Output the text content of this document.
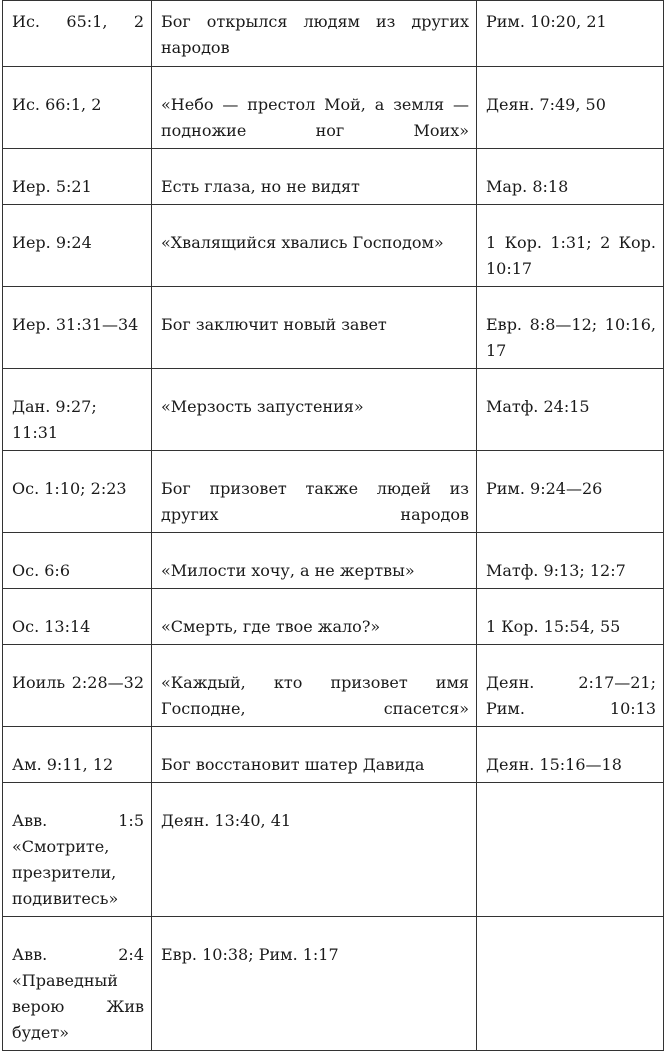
Ис. 65:1, 2	Бог открылся людям из других народов	Рим. 10:20, 21
Ис. 66:1, 2	«Небо — престол Мой, а земля — подножие ног Моих»	Деян. 7:49, 50
Иер. 5:21	Есть глаза, но не видят	Мар. 8:18
Иер. 9:24	«Хвалящийся хвались Господом»	1 Кор. 1:31; 2 Кор. 10:17
Иер. 31:31—34	Бог заключит новый завет	Евр. 8:8—12; 10:16, 17
Дан. 9:27; 11:31	«Мерзость запустения»	Матф. 24:15
Ос. 1:10; 2:23	Бог призовет также людей из других народов	Рим. 9:24—26
Ос. 6:6	«Милости хочу, а не жертвы»	Матф. 9:13; 12:7
Ос. 13:14	«Смерть, где твое жало?»	1 Кор. 15:54, 55
Иоиль 2:28—32	«Каждый, кто призовет имя Господне, спасется»	Деян. 2:17—21; Рим. 10:13
Ам. 9:11, 12	Бог восстановит шатер Давида	Деян. 15:16—18
Авв. 1:5 «Смотрите, презрители, подивитесь»	Деян. 13:40, 41	
Авв. 2:4 «Праведный верою Жив будет»	Евр. 10:38; Рим. 1:17	
